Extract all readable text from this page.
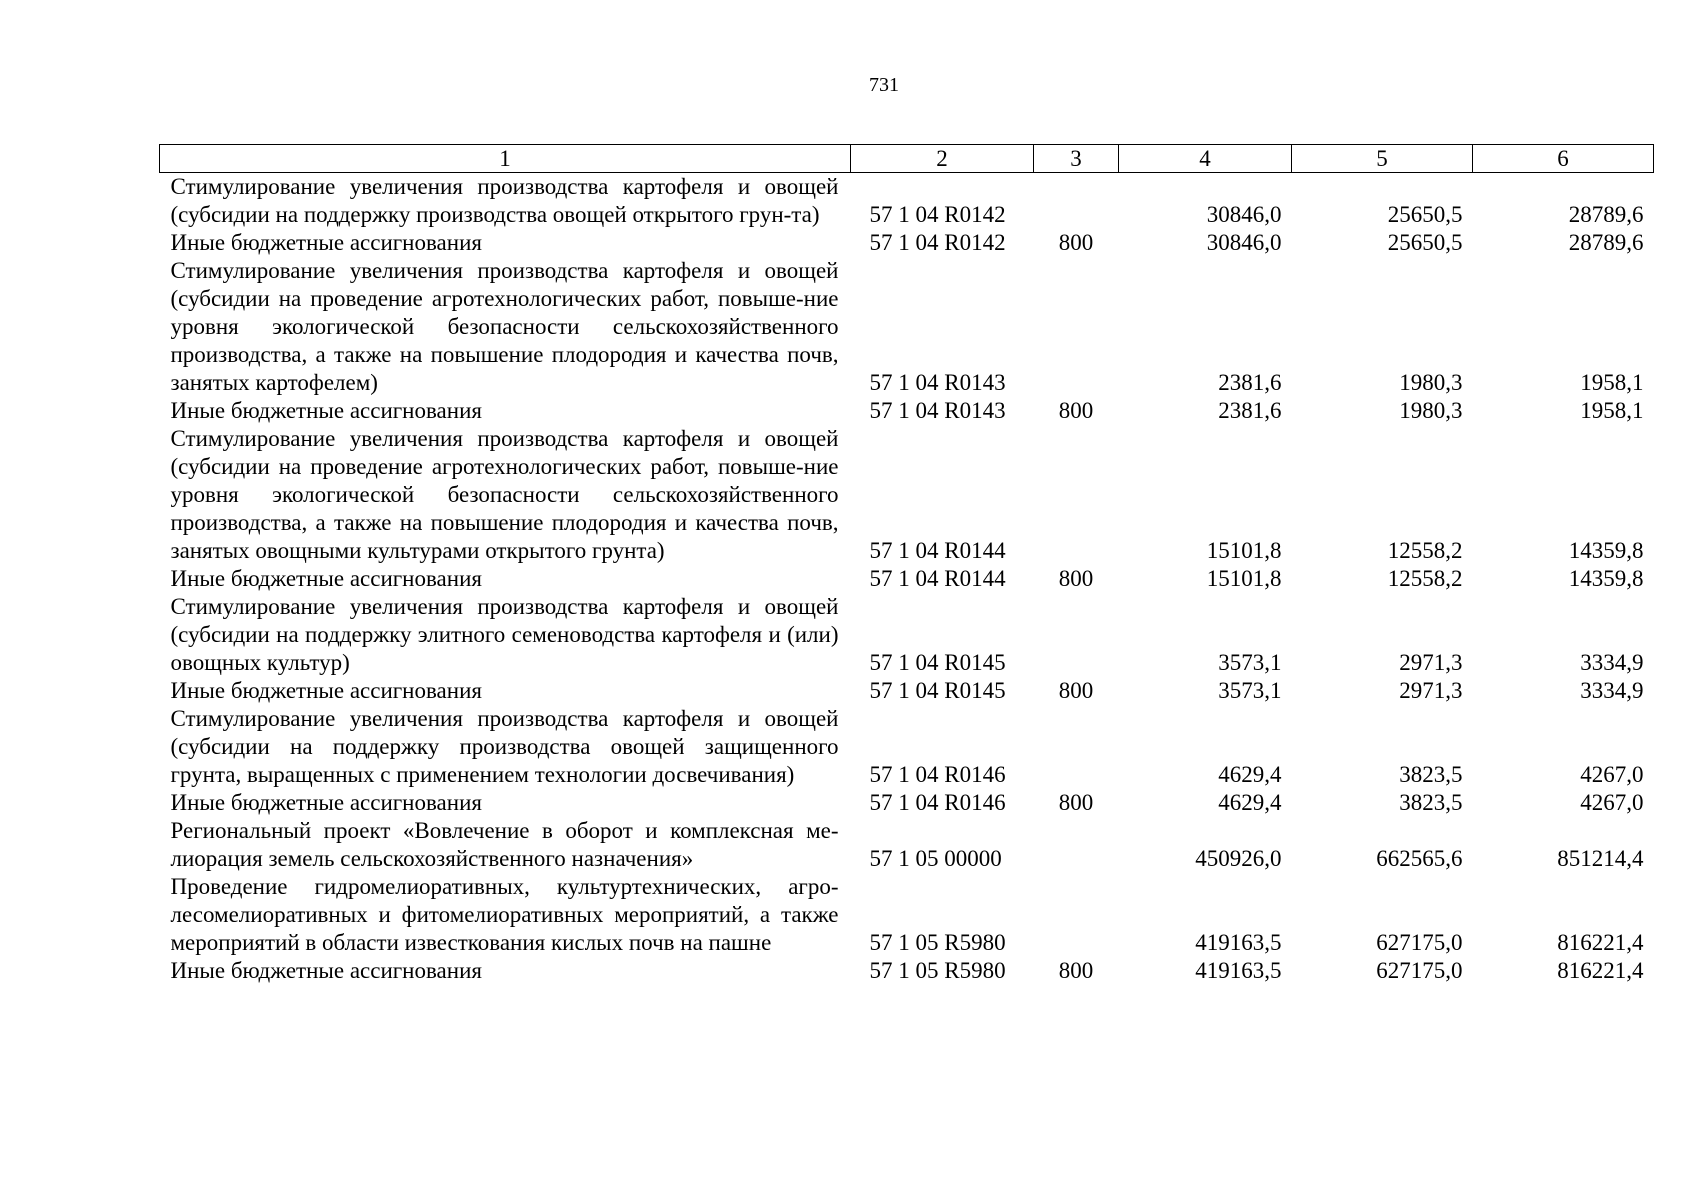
731
1	2	3	4	5	6
Стимулирование увеличения производства картофеля и овощей (субсидии на поддержку производства овощей открытого грун-та)	57 1 04 R0142		30846,0	25650,5	28789,6
Иные бюджетные ассигнования	57 1 04 R0142	800	30846,0	25650,5	28789,6
Стимулирование увеличения производства картофеля и овощей (субсидии на проведение агротехнологических работ, повыше-ние уровня экологической безопасности сельскохозяйственного производства, а также на повышение плодородия и качества почв, занятых картофелем)	57 1 04 R0143		2381,6	1980,3	1958,1
Иные бюджетные ассигнования	57 1 04 R0143	800	2381,6	1980,3	1958,1
Стимулирование увеличения производства картофеля и овощей (субсидии на проведение агротехнологических работ, повыше-ние уровня экологической безопасности сельскохозяйственного производства, а также на повышение плодородия и качества почв, занятых овощными культурами открытого грунта)	57 1 04 R0144		15101,8	12558,2	14359,8
Иные бюджетные ассигнования	57 1 04 R0144	800	15101,8	12558,2	14359,8
Стимулирование увеличения производства картофеля и овощей (субсидии на поддержку элитного семеноводства картофеля и (или) овощных культур)	57 1 04 R0145		3573,1	2971,3	3334,9
Иные бюджетные ассигнования	57 1 04 R0145	800	3573,1	2971,3	3334,9
Стимулирование увеличения производства картофеля и овощей (субсидии на поддержку производства овощей защищенного грунта, выращенных с применением технологии досвечивания)	57 1 04 R0146		4629,4	3823,5	4267,0
Иные бюджетные ассигнования	57 1 04 R0146	800	4629,4	3823,5	4267,0
Региональный проект «Вовлечение в оборот и комплексная ме-лиорация земель сельскохозяйственного назначения»	57 1 05 00000		450926,0	662565,6	851214,4
Проведение гидромелиоративных, культуртехнических, агро-лесомелиоративных и фитомелиоративных мероприятий, а также мероприятий в области известкования кислых почв на пашне	57 1 05 R5980		419163,5	627175,0	816221,4
Иные бюджетные ассигнования	57 1 05 R5980	800	419163,5	627175,0	816221,4
